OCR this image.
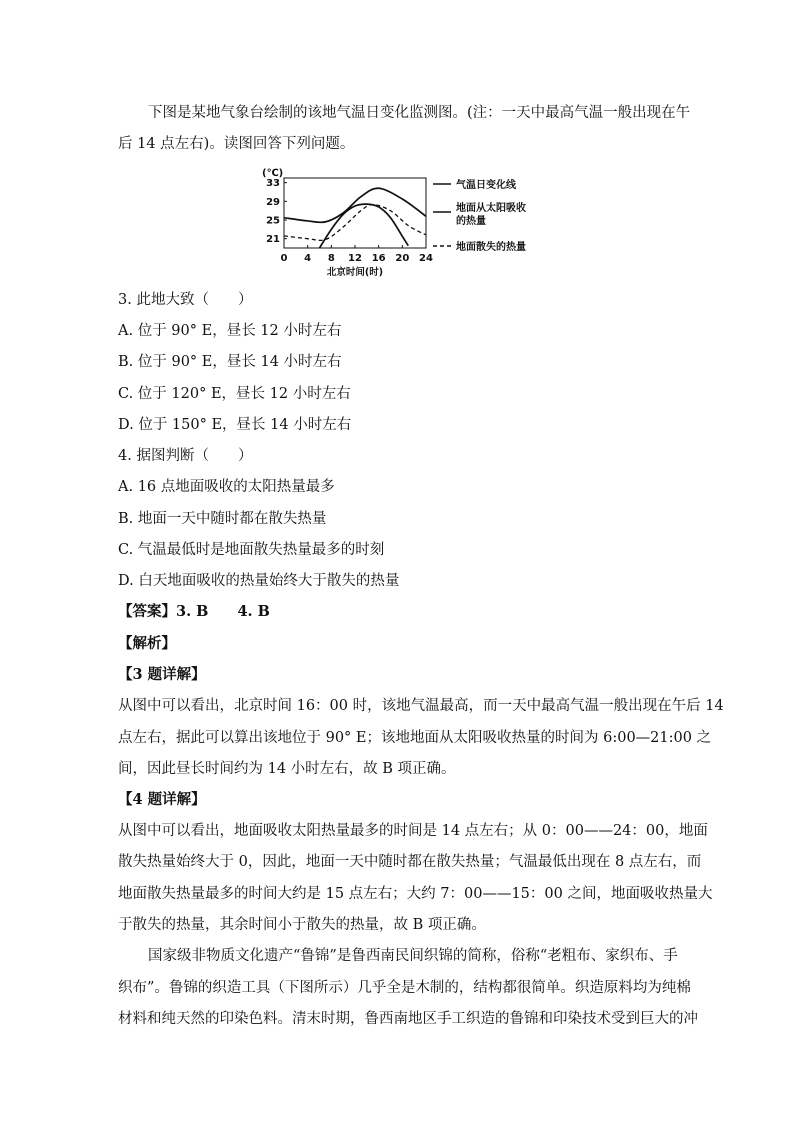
下图是某地气象台绘制的该地气温日变化监测图。(注：一天中最高气温一般出现在午
后 14 点左右)。读图回答下列问题。
(℃)
21
25
29
33
0 4 8 12 16 20 24
北京时间(时)
气温日变化线
地面从太阳吸收
的热量
地面散失的热量
3. 此地大致（　　）
A. 位于 90° E，昼长 12 小时左右
B. 位于 90° E，昼长 14 小时左右
C. 位于 120° E，昼长 12 小时左右
D. 位于 150° E，昼长 14 小时左右
4. 据图判断（　　）
A. 16 点地面吸收的太阳热量最多
B. 地面一天中随时都在散失热量
C. 气温最低时是地面散失热量最多的时刻
D. 白天地面吸收的热量始终大于散失的热量
【答案】3. B　　4. B
【解析】
【3 题详解】
从图中可以看出，北京时间 16：00 时，该地气温最高，而一天中最高气温一般出现在午后 14
点左右，据此可以算出该地位于 90° E；该地地面从太阳吸收热量的时间为 6:00—21:00 之
间，因此昼长时间约为 14 小时左右，故 B 项正确。
【4 题详解】
从图中可以看出，地面吸收太阳热量最多的时间是 14 点左右；从 0：00——24：00，地面
散失热量始终大于 0，因此，地面一天中随时都在散失热量；气温最低出现在 8 点左右，而
地面散失热量最多的时间大约是 15 点左右；大约 7：00——15：00 之间，地面吸收热量大
于散失的热量，其余时间小于散失的热量，故 B 项正确。
国家级非物质文化遗产“鲁锦”是鲁西南民间织锦的简称，俗称“老粗布、家织布、手
织布”。鲁锦的织造工具（下图所示）几乎全是木制的，结构都很简单。织造原料均为纯棉
材料和纯天然的印染色料。清末时期，鲁西南地区手工织造的鲁锦和印染技术受到巨大的冲
